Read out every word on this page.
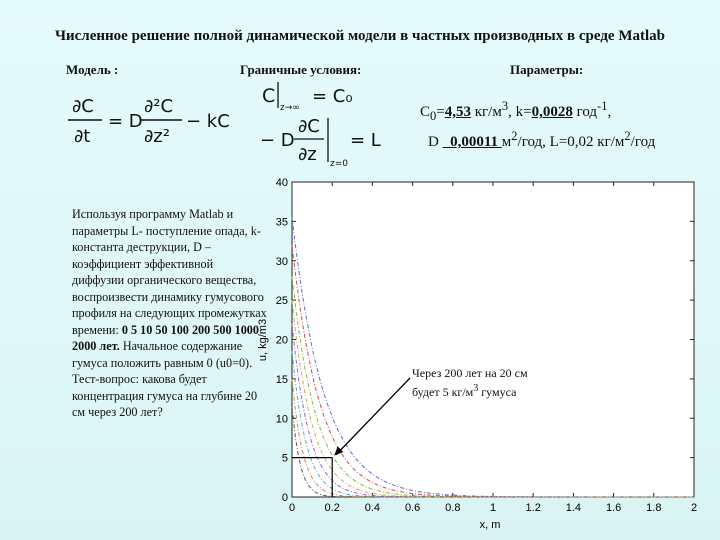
Численное решение полной динамической модели в частных производных в среде Matlab
Модель :	Граничные условия:	Параметры:
∂C
∂t
= D
∂²C
∂z²
− kC
C
z→∞
= C₀
− D
∂C
∂z z=0
= L
$C_0=4,53$ $кг/м^3$, k=0,0028 год$^{-1}$,
D 0,00011 $м^2$/год, L=0,02 $кг/м^2$/год
Используя программу Matlab и параметры L- поступление опада, k- константа деструкции, D – коэффициент эффективной диффузии органического вещества, воспроизвести динамику гумусового профиля на следующих промежутках времени: 0 5 10 50 100 200 500 1000 2000 лет. Начальное содержание гумуса положить равным 0 (u0=0). Тест-вопрос: какова будет концентрация гумуса на глубине 20 см через 200 лет?
0	0.2 0.4 0.6 0.8	1	1.2 1.4 1.6 1.8	2
0
5
10
15
20
25
30
35
40
x, m
u, kg/m3
Через 200 лет на 20 см
будет 5 $кг/м^3$ гумуса
